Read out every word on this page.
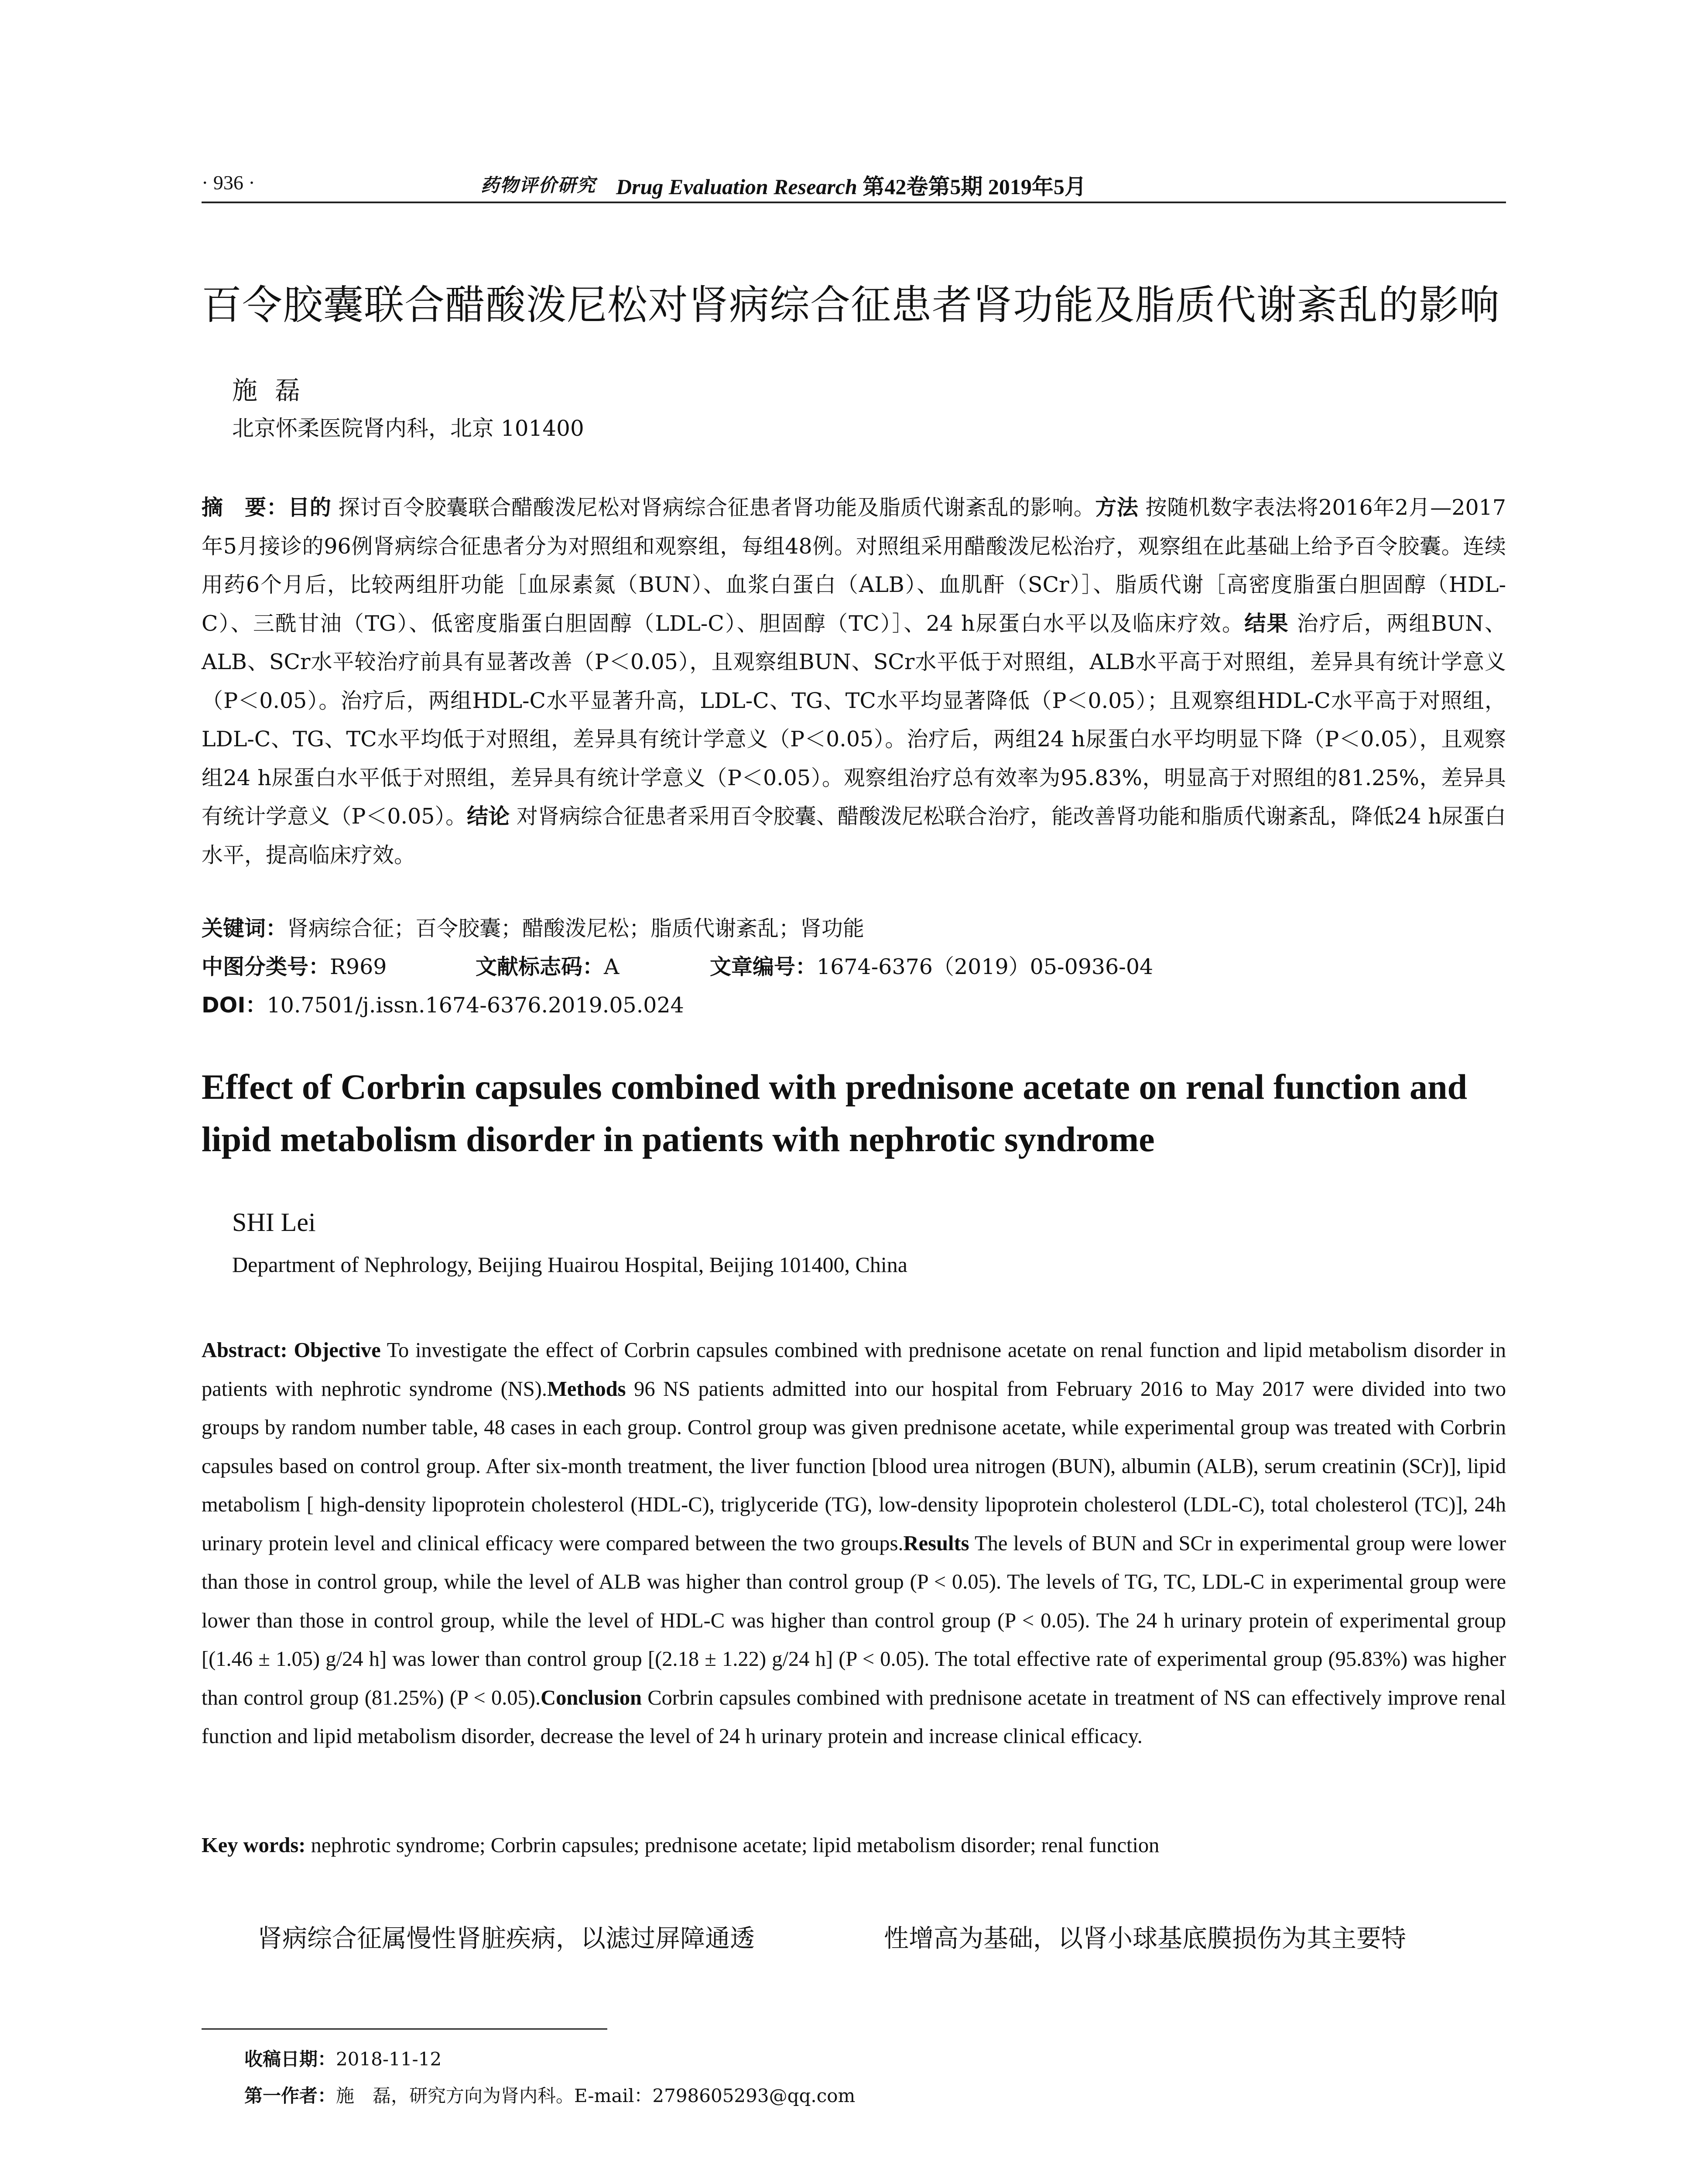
· 936 ·	药物评价研究 Drug Evaluation Research 第42卷第5期 2019年5月
百令胶囊联合醋酸泼尼松对肾病综合征患者肾功能及脂质代谢紊乱的影响
施磊
北京怀柔医院肾内科，北京 101400
摘　要：目的 探讨百令胶囊联合醋酸泼尼松对肾病综合征患者肾功能及脂质代谢紊乱的影响。方法 按随机数字表法将2016年2月—2017年5月接诊的96例肾病综合征患者分为对照组和观察组，每组48例。对照组采用醋酸泼尼松治疗，观察组在此基础上给予百令胶囊。连续用药6个月后，比较两组肝功能［血尿素氮（BUN）、血浆白蛋白（ALB）、血肌酐（SCr）］、脂质代谢［高密度脂蛋白胆固醇（HDL-C）、三酰甘油（TG）、低密度脂蛋白胆固醇（LDL-C）、胆固醇（TC）］、24 h尿蛋白水平以及临床疗效。结果 治疗后，两组BUN、ALB、SCr水平较治疗前具有显著改善（P＜0.05），且观察组BUN、SCr水平低于对照组，ALB水平高于对照组，差异具有统计学意义（P＜0.05）。治疗后，两组HDL-C水平显著升高，LDL-C、TG、TC水平均显著降低（P＜0.05）；且观察组HDL-C水平高于对照组，LDL-C、TG、TC水平均低于对照组，差异具有统计学意义（P＜0.05）。治疗后，两组24 h尿蛋白水平均明显下降（P＜0.05），且观察组24 h尿蛋白水平低于对照组，差异具有统计学意义（P＜0.05）。观察组治疗总有效率为95.83%，明显高于对照组的81.25%，差异具有统计学意义（P＜0.05）。结论 对肾病综合征患者采用百令胶囊、醋酸泼尼松联合治疗，能改善肾功能和脂质代谢紊乱，降低24 h尿蛋白水平，提高临床疗效。
关键词：肾病综合征；百令胶囊；醋酸泼尼松；脂质代谢紊乱；肾功能
中图分类号：R969	文献标志码：A	文章编号：1674-6376（2019）05-0936-04
DOI：10.7501/j.issn.1674-6376.2019.05.024
Effect of Corbrin capsules combined with prednisone acetate on renal function and lipid metabolism disorder in patients with nephrotic syndrome
SHI Lei
Department of Nephrology, Beijing Huairou Hospital, Beijing 101400, China
Abstract: Objective To investigate the effect of Corbrin capsules combined with prednisone acetate on renal function and lipid metabolism disorder in patients with nephrotic syndrome (NS).Methods 96 NS patients admitted into our hospital from February 2016 to May 2017 were divided into two groups by random number table, 48 cases in each group. Control group was given prednisone acetate, while experimental group was treated with Corbrin capsules based on control group. After six-month treatment, the liver function [blood urea nitrogen (BUN), albumin (ALB), serum creatinin (SCr)], lipid metabolism [ high-density lipoprotein cholesterol (HDL-C), triglyceride (TG), low-density lipoprotein cholesterol (LDL-C), total cholesterol (TC)], 24h urinary protein level and clinical efficacy were compared between the two groups.Results The levels of BUN and SCr in experimental group were lower than those in control group, while the level of ALB was higher than control group (P < 0.05). The levels of TG, TC, LDL-C in experimental group were lower than those in control group, while the level of HDL-C was higher than control group (P < 0.05). The 24 h urinary protein of experimental group [(1.46 ± 1.05) g/24 h] was lower than control group [(2.18 ± 1.22) g/24 h] (P < 0.05). The total effective rate of experimental group (95.83%) was higher than control group (81.25%) (P < 0.05).Conclusion Corbrin capsules combined with prednisone acetate in treatment of NS can effectively improve renal function and lipid metabolism disorder, decrease the level of 24 h urinary protein and increase clinical efficacy.
Key words: nephrotic syndrome; Corbrin capsules; prednisone acetate; lipid metabolism disorder; renal function
肾病综合征属慢性肾脏疾病，以滤过屏障通透	性增高为基础，以肾小球基底膜损伤为其主要特
收稿日期：2018-11-12
第一作者：施　磊，研究方向为肾内科。E-mail：2798605293@qq.com
